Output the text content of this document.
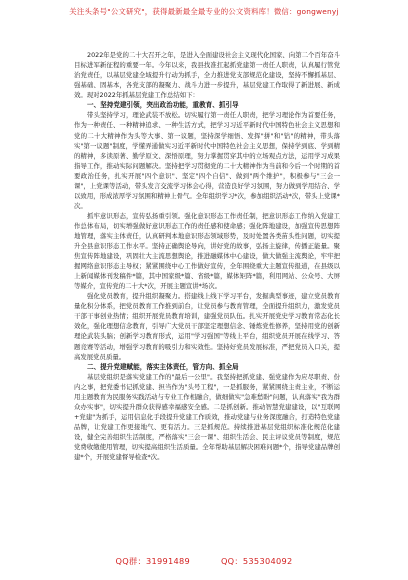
关注头条号"公文研究"，获得最新最全最专业的公文资料库！微信：gongwenyj

2022年是党的二十大召开之年，是进入全面建设社会主义现代化国家、向第二个百年奋斗目标进军新征程的重要一年。今年以来，我县找准扛起抓党建第一责任人职责，认真履行管党治党责任，以基层党建全域提升行动为抓手，全力推进党支部规范化建设，坚持不懈抓基层、强基础、固基本，各党支部的凝聚力、战斗力进一步提升，基层党建工作取得了新进展、新成效。现对2022年抓基层党建工作总结如下：

一、坚持党建引领，突出政治功能，重教育、抓引导

带头坚持学习，理论武装不放松。切实履行第一责任人职责，把学习理论作为首要任务，作为一种责任、一种精神追求、一种生活方式，把学习习近平新时代中国特色社会主义思想和党的二十大精神作为头等大事、第一议题，坚持深学细悟、发挥"拼"和"钻"的精神，带头落实"第一议题"制度，学懂弄通做实习近平新时代中国特色社会主义思想，保持学到底、学到精的精神，多读原著、勤学原文、深悟原理，努力掌握贯穿其中的立场观点方法，运用学习成果指导工作，推动实际问题解决。坚持把学习贯彻党的二十大精神作为当前和今后一个时期的首要政治任务，扎实开展"四个意识"、坚定"四个自信"、做到"两个维护"，积极参与"三会一课"，上党课等活动，带头发言交流学习体会心得，营造良好学习氛围，努力做到学用结合、学以致用，形成浓厚学习氛围和精神上骨气。全年组织学习*次，参加组织活动*次，带头上党课*次。

抓牢意识形态，宣传弘扬重引领。强化意识形态工作责任制，把意识形态工作纳入党建工作总体布局，切实增强做好意识形态工作的责任感和使命感；强化阵地建设，加强宣传思想阵地管理，落实主体责任，认真研判本地意识形态领域形势，及时处置各类苗头性问题，切实提升全县意识形态工作水平。坚持正确舆论导向，讲好党的故事，弘扬主旋律，传播正能量。聚焦宣传阵地建设，巩固壮大主流思想舆论，推进融媒体中心建设，做大做强主流舆论，牢牢把握网络意识形态主导权；紧紧围绕中心工作做好宣传，全年围绕重大主题宣传报道，在县级以上新闻媒体刊发稿件*篇，其中国家级*篇、省级*篇，媒体矩阵*篇，利用网站、公众号、大屏等媒介，宣传党的二十大*次，开展主题宣讲*场次。

强化党员教育，提升组织凝聚力。搭建线上线下学习平台，发掘典型事迹，建立党员教育量化积分体系，把党员教育工作推到前台，让党员参与教育管理，全面提升组织力，激发党员干部干事创业热情；组织开展党员教育培训，建强党员队伍。扎实开展党史学习教育常态化长效化，强化理想信念教育，引导广大党员干部坚定理想信念、锤炼党性修养，坚持用党的创新理论武装头脑；创新学习教育形式，运用"学习强国"等线上平台，组织党员开展在线学习、答题竞赛等活动，增强学习教育的吸引力和实效性。坚持好党员发展标准，严把党员入口关，提高发展党员质量。

二、提升党建赋能，落实主体责任，管方向、抓全局

基层党组织是落实党建工作的"最后一公里"。我坚持把抓党建、强党建作为应尽职责、份内之事，把党委书记抓党建、担当作为"头号工程"，一是抓服务，紧紧围绕主责主业，不断运用主题教育为民服务实践活动与专业工作相融合，做细做实"急难愁盼"问题，认真落实"我为群众办实事"，切实提升群众获得感幸福感安全感。二是抓创新。推动智慧党建建设，以"互联网+党建"为抓手，运用信息化手段提升党建工作质效，推动党建与业务深度融合，打造特色党建品牌，让党建工作更接地气、更有活力。三是抓规范。持续推进基层党组织标准化规范化建设，健全完善组织生活制度，严格落实"三会一课"、组织生活会、民主评议党员等制度，规范党费收缴使用管理，切实提高组织生活质量。全年帮助基层解决困难问题*个，指导党建品牌创建*个，开展党建督导检查*次。

QQ群：31991489	QQ：535304092
